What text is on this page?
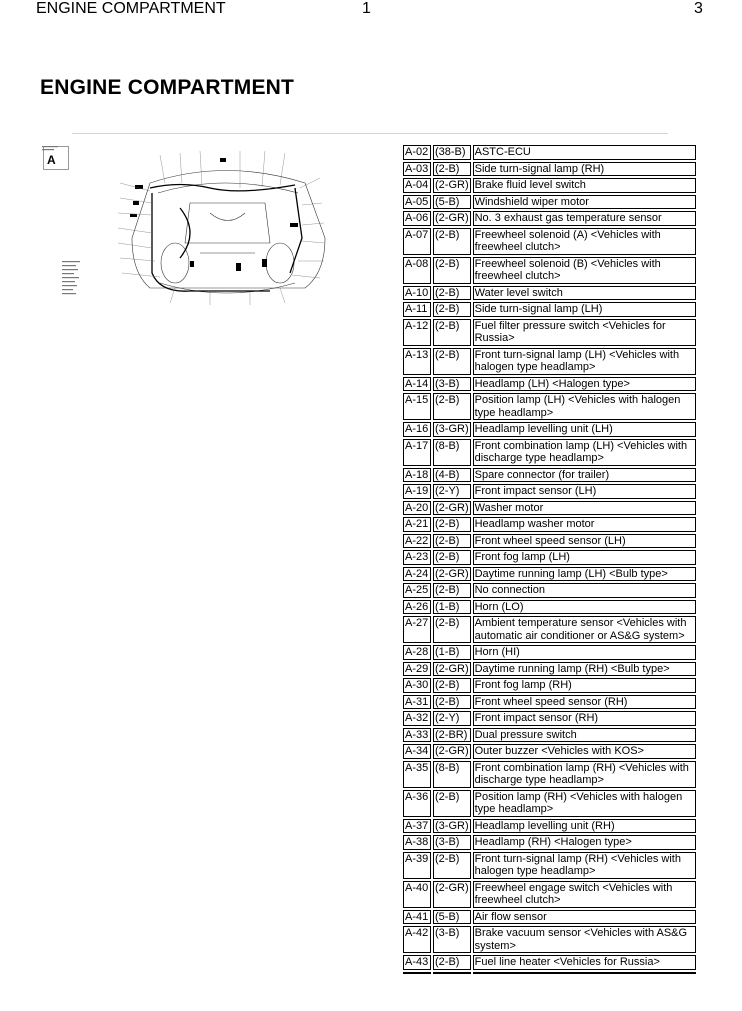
ENGINE COMPARTMENT	1	3
ENGINE COMPARTMENT
A
A-02	(38-B)	ASTC-ECU
A-03	(2-B)	Side turn-signal lamp (RH)
A-04	(2-GR)	Brake fluid level switch
A-05	(5-B)	Windshield wiper motor
A-06	(2-GR)	No. 3 exhaust gas temperature sensor
A-07	(2-B)	Freewheel solenoid (A) <Vehicles with freewheel clutch>
A-08	(2-B)	Freewheel solenoid (B) <Vehicles with freewheel clutch>
A-10	(2-B)	Water level switch
A-11	(2-B)	Side turn-signal lamp (LH)
A-12	(2-B)	Fuel filter pressure switch <Vehicles for Russia>
A-13	(2-B)	Front turn-signal lamp (LH) <Vehicles with halogen type headlamp>
A-14	(3-B)	Headlamp (LH) <Halogen type>
A-15	(2-B)	Position lamp (LH) <Vehicles with halogen type headlamp>
A-16	(3-GR)	Headlamp levelling unit (LH)
A-17	(8-B)	Front combination lamp (LH) <Vehicles with discharge type headlamp>
A-18	(4-B)	Spare connector (for trailer)
A-19	(2-Y)	Front impact sensor (LH)
A-20	(2-GR)	Washer motor
A-21	(2-B)	Headlamp washer motor
A-22	(2-B)	Front wheel speed sensor (LH)
A-23	(2-B)	Front fog lamp (LH)
A-24	(2-GR)	Daytime running lamp (LH) <Bulb type>
A-25	(2-B)	No connection
A-26	(1-B)	Horn (LO)
A-27	(2-B)	Ambient temperature sensor <Vehicles with automatic air conditioner or AS&G system>
A-28	(1-B)	Horn (HI)
A-29	(2-GR)	Daytime running lamp (RH) <Bulb type>
A-30	(2-B)	Front fog lamp (RH)
A-31	(2-B)	Front wheel speed sensor (RH)
A-32	(2-Y)	Front impact sensor (RH)
A-33	(2-BR)	Dual pressure switch
A-34	(2-GR)	Outer buzzer <Vehicles with KOS>
A-35	(8-B)	Front combination lamp (RH) <Vehicles with discharge type headlamp>
A-36	(2-B)	Position lamp (RH) <Vehicles with halogen type headlamp>
A-37	(3-GR)	Headlamp levelling unit (RH)
A-38	(3-B)	Headlamp (RH) <Halogen type>
A-39	(2-B)	Front turn-signal lamp (RH) <Vehicles with halogen type headlamp>
A-40	(2-GR)	Freewheel engage switch <Vehicles with freewheel clutch>
A-41	(5-B)	Air flow sensor
A-42	(3-B)	Brake vacuum sensor <Vehicles with AS&G system>
A-43	(2-B)	Fuel line heater <Vehicles for Russia>
